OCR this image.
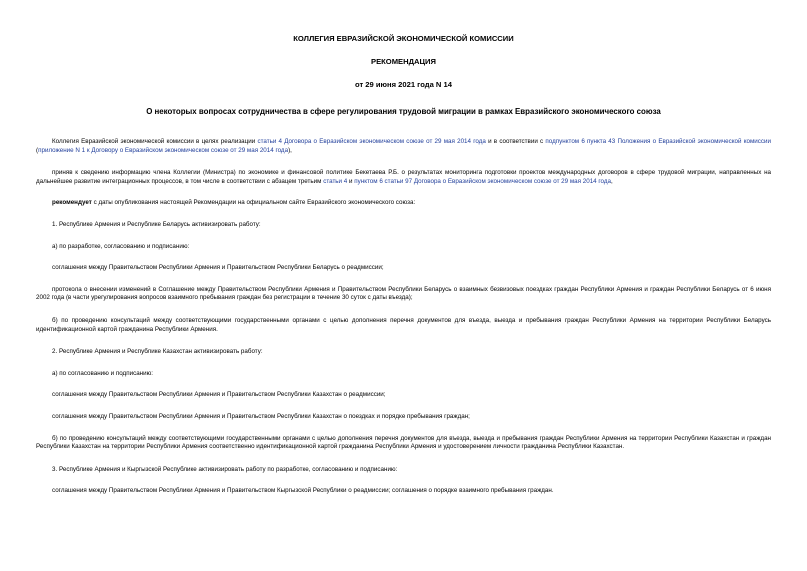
КОЛЛЕГИЯ ЕВРАЗИЙСКОЙ ЭКОНОМИЧЕСКОЙ КОМИССИИ

РЕКОМЕНДАЦИЯ

от 29 июня 2021 года N 14

О некоторых вопросах сотрудничества в сфере регулирования трудовой миграции в рамках Евразийского экономического союза

Коллегия Евразийской экономической комиссии в целях реализации статьи 4 Договора о Евразийском экономическом союзе от 29 мая 2014 года и в соответствии с подпунктом 6 пункта 43 Положения о Евразийской экономической комиссии (приложение N 1 к Договору о Евразийском экономическом союзе от 29 мая 2014 года),

приняв к сведению информацию члена Коллегии (Министра) по экономике и финансовой политике Бекетаева Р.Б. о результатах мониторинга подготовки проектов международных договоров в сфере трудовой миграции, направленных на дальнейшее развитие интеграционных процессов, в том числе в соответствии с абзацем третьим статьи 4 и пунктом 6 статьи 97 Договора о Евразийском экономическом союзе от 29 мая 2014 года,

рекомендует с даты опубликования настоящей Рекомендации на официальном сайте Евразийского экономического союза:

1. Республике Армения и Республике Беларусь активизировать работу:

а) по разработке, согласованию и подписанию:

соглашения между Правительством Республики Армения и Правительством Республики Беларусь о реадмиссии;

протокола о внесении изменений в Соглашение между Правительством Республики Армения и Правительством Республики Беларусь о взаимных безвизовых поездках граждан Республики Армения и граждан Республики Беларусь от 6 июня 2002 года (в части урегулирования вопросов взаимного пребывания граждан без регистрации в течение 30 суток с даты въезда);

б) по проведению консультаций между соответствующими государственными органами с целью дополнения перечня документов для въезда, выезда и пребывания граждан Республики Армения на территории Республики Беларусь идентификационной картой гражданина Республики Армения.

2. Республике Армения и Республике Казахстан активизировать работу:

а) по согласованию и подписанию:

соглашения между Правительством Республики Армения и Правительством Республики Казахстан о реадмиссии;

соглашения между Правительством Республики Армения и Правительством Республики Казахстан о поездках и порядке пребывания граждан;

б) по проведению консультаций между соответствующими государственными органами с целью дополнения перечня документов для въезда, выезда и пребывания граждан Республики Армения на территории Республики Казахстан и граждан Республики Казахстан на территории Республики Армения соответственно идентификационной картой гражданина Республики Армения и удостоверением личности гражданина Республики Казахстан.

3. Республике Армения и Кыргызской Республике активизировать работу по разработке, согласованию и подписанию:

соглашения между Правительством Республики Армения и Правительством Кыргызской Республики о реадмиссии; соглашения о порядке взаимного пребывания граждан.
